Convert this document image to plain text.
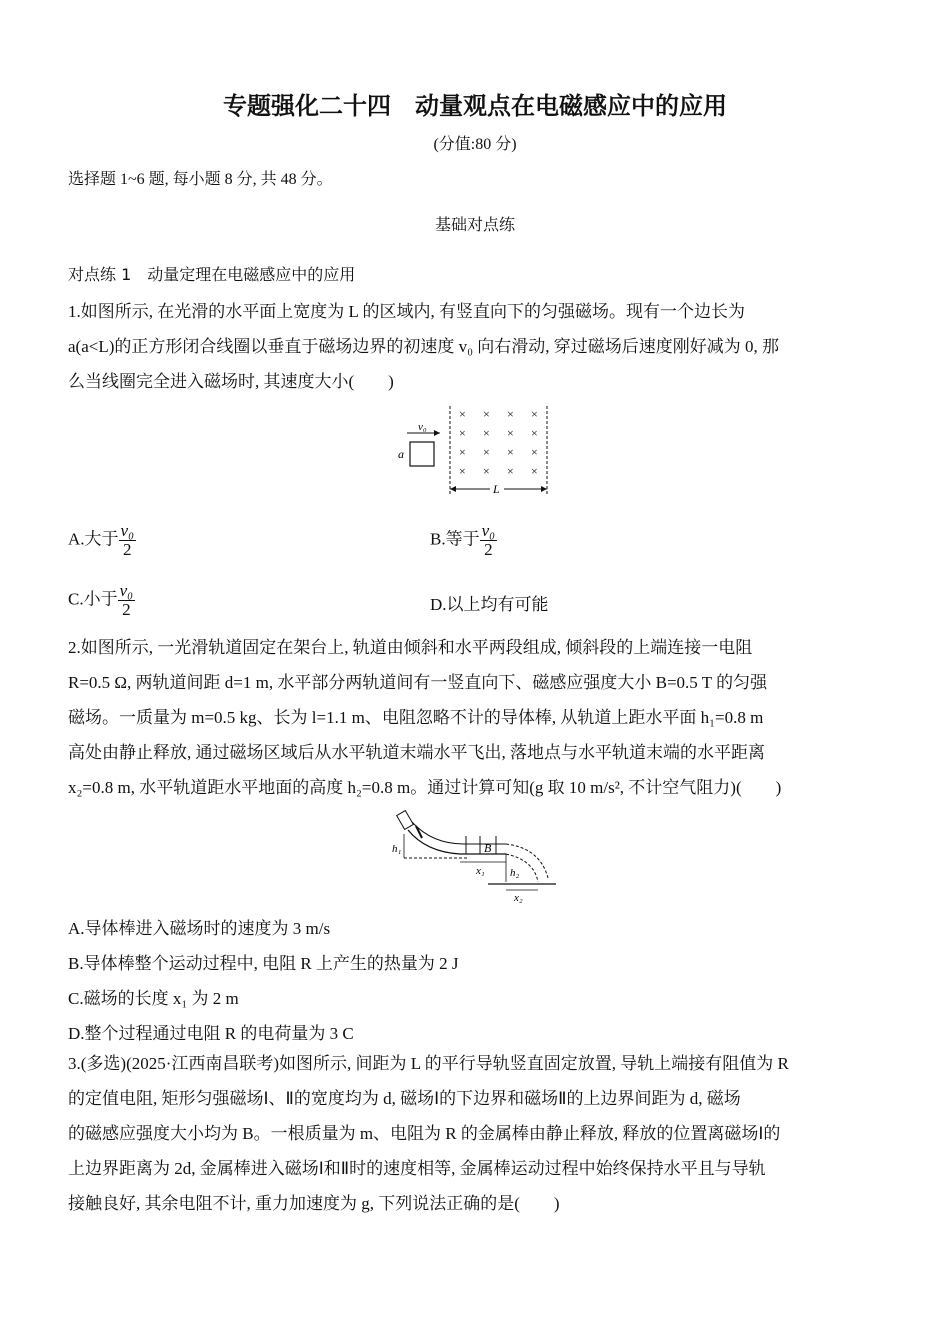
专题强化二十四　动量观点在电磁感应中的应用
(分值:80 分)
选择题 1~6 题, 每小题 8 分, 共 48 分。
基础对点练
对点练 1　动量定理在电磁感应中的应用
1.如图所示, 在光滑的水平面上宽度为 L 的区域内, 有竖直向下的匀强磁场。现有一个边长为
a(a<L)的正方形闭合线圈以垂直于磁场边界的初速度 v₀ 向右滑动, 穿过磁场后速度刚好减为 0, 那
么当线圈完全进入磁场时, 其速度大小(　　)
v₀
a
× × × ×
× × × ×
× × × ×
× × × ×
L
A.大于 $\frac{\text{v₀}}{2}$	B.等于 $\frac{\text{v₀}}{2}$
C.小于 $\frac{\text{v₀}}{2}$	D.以上均有可能
2.如图所示, 一光滑轨道固定在架台上, 轨道由倾斜和水平两段组成, 倾斜段的上端连接一电阻
R=0.5 Ω, 两轨道间距 d=1 m, 水平部分两轨道间有一竖直向下、磁感应强度大小 B=0.5 T 的匀强
磁场。一质量为 m=0.5 kg、长为 l=1.1 m、电阻忽略不计的导体棒, 从轨道上距水平面 h₁=0.8 m
高处由静止释放, 通过磁场区域后从水平轨道末端水平飞出, 落地点与水平轨道末端的水平距离
x₂=0.8 m, 水平轨道距水平地面的高度 h₂=0.8 m。通过计算可知(g 取 10 m/s², 不计空气阻力)(　　)
h₁	B
x₁ h₂
x₂
A.导体棒进入磁场时的速度为 3 m/s
B.导体棒整个运动过程中, 电阻 R 上产生的热量为 2 J
C.磁场的长度 x₁ 为 2 m
D.整个过程通过电阻 R 的电荷量为 3 C
3.(多选)(2025·江西南昌联考)如图所示, 间距为 L 的平行导轨竖直固定放置, 导轨上端接有阻值为 R
的定值电阻, 矩形匀强磁场Ⅰ、Ⅱ的宽度均为 d, 磁场Ⅰ的下边界和磁场Ⅱ的上边界间距为 d, 磁场
的磁感应强度大小均为 B。一根质量为 m、电阻为 R 的金属棒由静止释放, 释放的位置离磁场Ⅰ的
上边界距离为 2d, 金属棒进入磁场Ⅰ和Ⅱ时的速度相等, 金属棒运动过程中始终保持水平且与导轨
接触良好, 其余电阻不计, 重力加速度为 g, 下列说法正确的是(　　)
